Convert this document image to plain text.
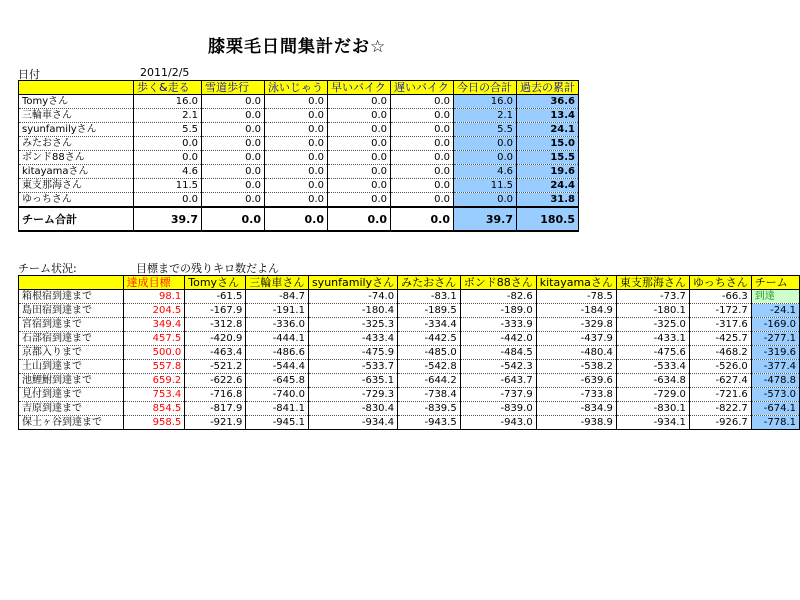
膝栗毛日間集計だお☆
日付	2011/2/5
	歩く&走る	雪道歩行	泳いじゃう	早いバイク	遅いバイク	今日の合計	過去の累計
Tomyさん	16.0	0.0	0.0	0.0	0.0	16.0	36.6
三輪車さん	2.1	0.0	0.0	0.0	0.0	2.1	13.4
syunfamilyさん	5.5	0.0	0.0	0.0	0.0	5.5	24.1
みたおさん	0.0	0.0	0.0	0.0	0.0	0.0	15.0
ボンド88さん	0.0	0.0	0.0	0.0	0.0	0.0	15.5
kitayamaさん	4.6	0.0	0.0	0.0	0.0	4.6	19.6
東支那海さん	11.5	0.0	0.0	0.0	0.0	11.5	24.4
ゆっちさん	0.0	0.0	0.0	0.0	0.0	0.0	31.8
チーム合計	39.7	0.0	0.0	0.0	0.0	39.7	180.5
チーム状況:	目標までの残りキロ数だよん
	達成目標	Tomyさん	三輪車さん	syunfamilyさん	みたおさん	ボンド88さん	kitayamaさん	東支那海さん	ゆっちさん	チーム
箱根宿到達まで	98.1	-61.5	-84.7	-74.0	-83.1	-82.6	-78.5	-73.7	-66.3	到達
島田宿到達まで	204.5	-167.9	-191.1	-180.4	-189.5	-189.0	-184.9	-180.1	-172.7	-24.1
宮宿到達まで	349.4	-312.8	-336.0	-325.3	-334.4	-333.9	-329.8	-325.0	-317.6	-169.0
石部宿到達まで	457.5	-420.9	-444.1	-433.4	-442.5	-442.0	-437.9	-433.1	-425.7	-277.1
京都入りまで	500.0	-463.4	-486.6	-475.9	-485.0	-484.5	-480.4	-475.6	-468.2	-319.6
土山到達まで	557.8	-521.2	-544.4	-533.7	-542.8	-542.3	-538.2	-533.4	-526.0	-377.4
池鯉鮒到達まで	659.2	-622.6	-645.8	-635.1	-644.2	-643.7	-639.6	-634.8	-627.4	-478.8
見付到達まで	753.4	-716.8	-740.0	-729.3	-738.4	-737.9	-733.8	-729.0	-721.6	-573.0
吉原到達まで	854.5	-817.9	-841.1	-830.4	-839.5	-839.0	-834.9	-830.1	-822.7	-674.1
保土ヶ谷到達まで	958.5	-921.9	-945.1	-934.4	-943.5	-943.0	-938.9	-934.1	-926.7	-778.1
